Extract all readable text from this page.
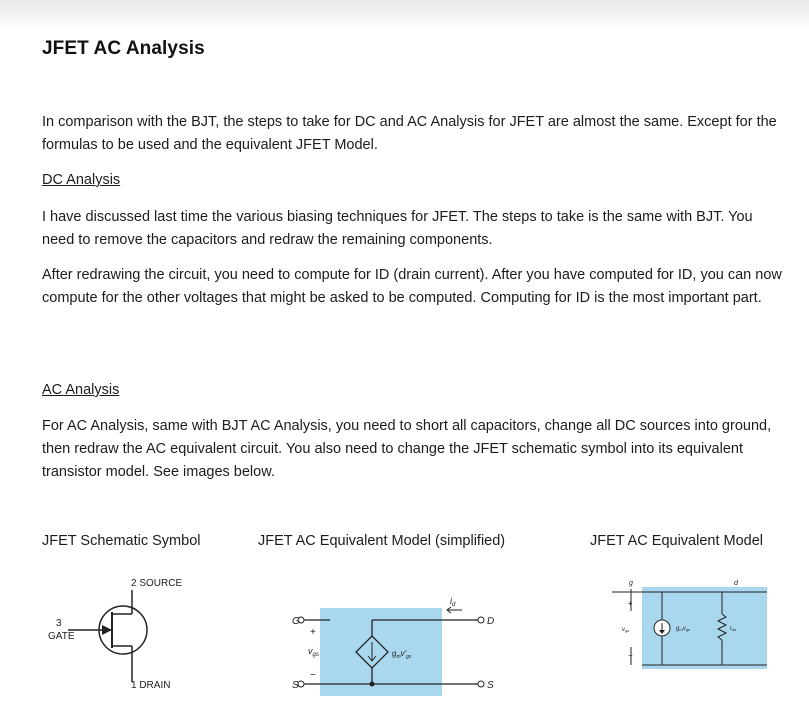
JFET AC Analysis
In comparison with the BJT, the steps to take for DC and AC Analysis for JFET are almost the same. Except for the formulas to be used and the equivalent JFET Model.
DC Analysis
I have discussed last time the various biasing techniques for JFET. The steps to take is the same with BJT. You need to remove the capacitors and redraw the remaining components.
After redrawing the circuit, you need to compute for ID (drain current). After you have computed for ID, you can now compute for the other voltages that might be asked to be computed. Computing for ID is the most important part.
AC Analysis
For AC Analysis, same with BJT AC Analysis, you need to short all capacitors, change all DC sources into ground, then redraw the AC equivalent circuit. You also need to change the JFET schematic symbol into its equivalent transistor model. See images below.
JFET Schematic Symbol	JFET AC Equivalent Model (simplified)	JFET AC Equivalent Model
2 SOURCE
3
GATE
1 DRAIN
G	D
S	S
+
−
$v_{gs}$	$g_mv'_{gs}$
$i_d$
g	d
+
−
vgs	gmvgs	rds
